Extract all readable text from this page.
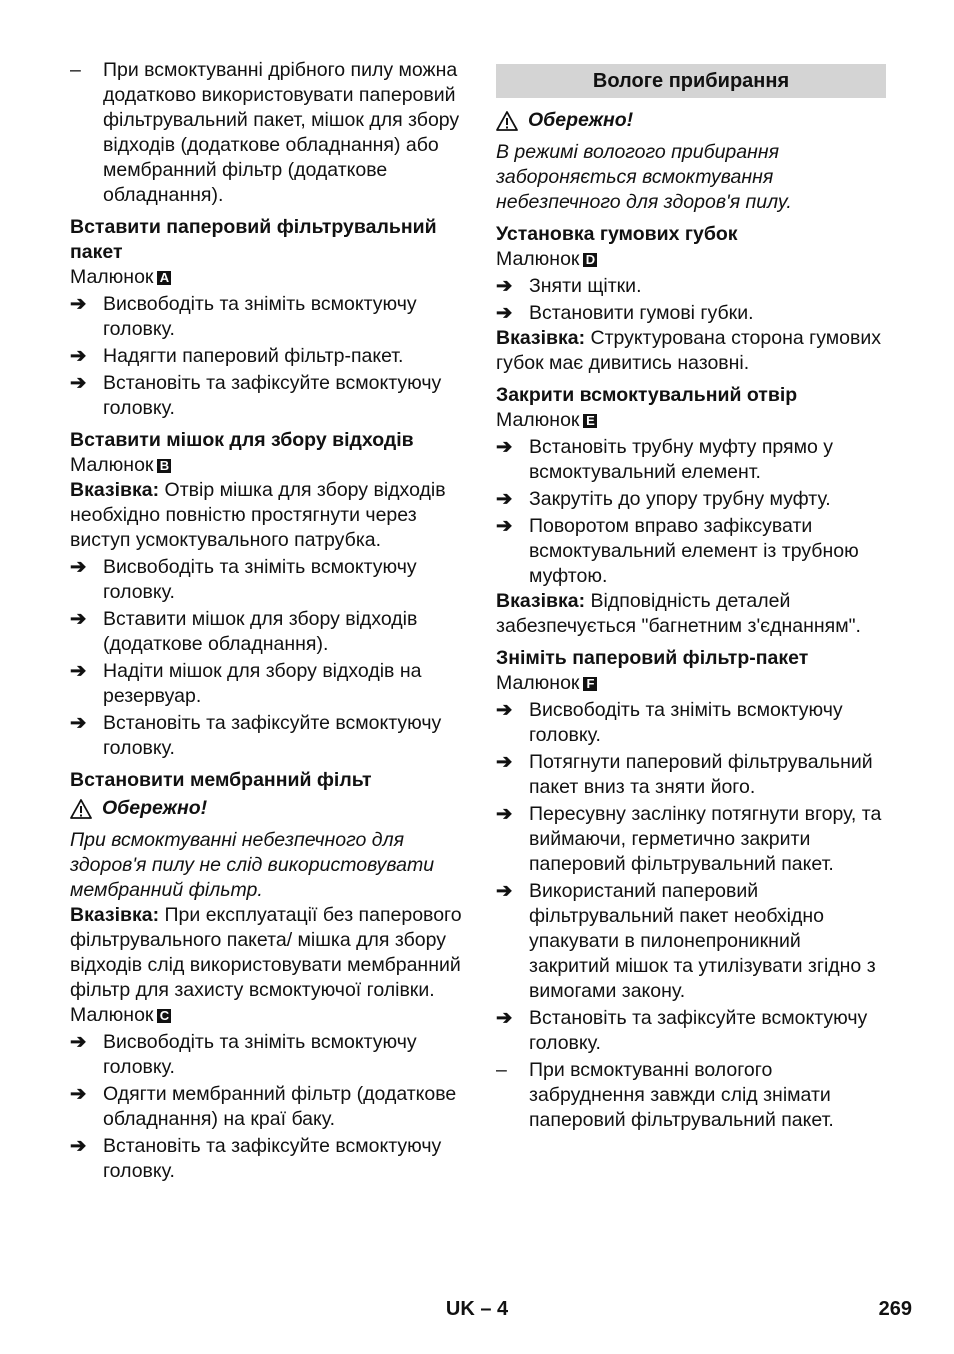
–	При всмоктуванні дрібного пилу можна додатково використовувати паперовий фільтрувальний пакет, мішок для збору відходів (додаткове обладнання) або мембранний фільтр (додаткове обладнання).

Вставити паперовий фільтрувальний пакет

Малюнок A

➔ Висвободіть та зніміть всмоктуючу головку.

➔ Надягти паперовий фільтр-пакет.

➔ Встановіть та зафіксуйте всмоктуючу головку.

Вставити мішок для збору відходів

Малюнок B

Вказівка: Отвір мішка для збору відходів необхідно повністю простягнути через виступ усмоктувального патрубка.

➔ Висвободіть та зніміть всмоктуючу головку.

➔ Вставити мішок для збору відходів (додаткове обладнання).

➔ Надіти мішок для збору відходів на резервуар.

➔ Встановіть та зафіксуйте всмоктуючу головку.

Встановити мембранний фільт
Обережно!

При всмоктуванні небезпечного для здоров'я пилу не слід використовувати мембранний фільтр.

Вказівка: При експлуатації без паперового фільтрувального пакета/ мішка для збору відходів слід використовувати мембранний фільтр для захисту всмоктуючої голівки.

Малюнок C

➔ Висвободіть та зніміть всмоктуючу головку.

➔ Одягти мембранний фільтр (додаткове обладнання) на краї баку.

➔ Встановіть та зафіксуйте всмоктуючу головку.

Вологе прибирання
Обережно!

В режимі вологого прибирання забороняється всмоктування небезпечного для здоров'я пилу.

Установка гумових губок

Малюнок D

➔ Зняти щітки.

➔ Встановити гумові губки.

Вказівка: Структурована сторона гумових губок має дивитись назовні.

Закрити всмоктувальний отвір

Малюнок E

➔ Встановіть трубну муфту прямо у всмоктувальний елемент.

➔ Закрутіть до упору трубну муфту.

➔ Поворотом вправо зафіксувати всмоктувальний елемент із трубною муфтою.

Вказівка: Відповідність деталей забезпечується "багнетним з'єднанням".

Зніміть паперовий фільтр-пакет

Малюнок F

➔ Висвободіть та зніміть всмоктуючу головку.

➔ Потягнути паперовий фільтрувальний пакет вниз та зняти його.

➔ Пересувну заслінку потягнути вгору, та виймаючи, герметично закрити паперовий фільтрувальний пакет.

➔ Використаний паперовий фільтрувальний пакет необхідно упакувати в пилонепроникний закритий мішок та утилізувати згідно з вимогами закону.

➔ Встановіть та зафіксуйте всмоктуючу головку.

–	При всмоктуванні вологого забруднення завжди слід знімати паперовий фільтрувальний пакет.

UK – 4	269
